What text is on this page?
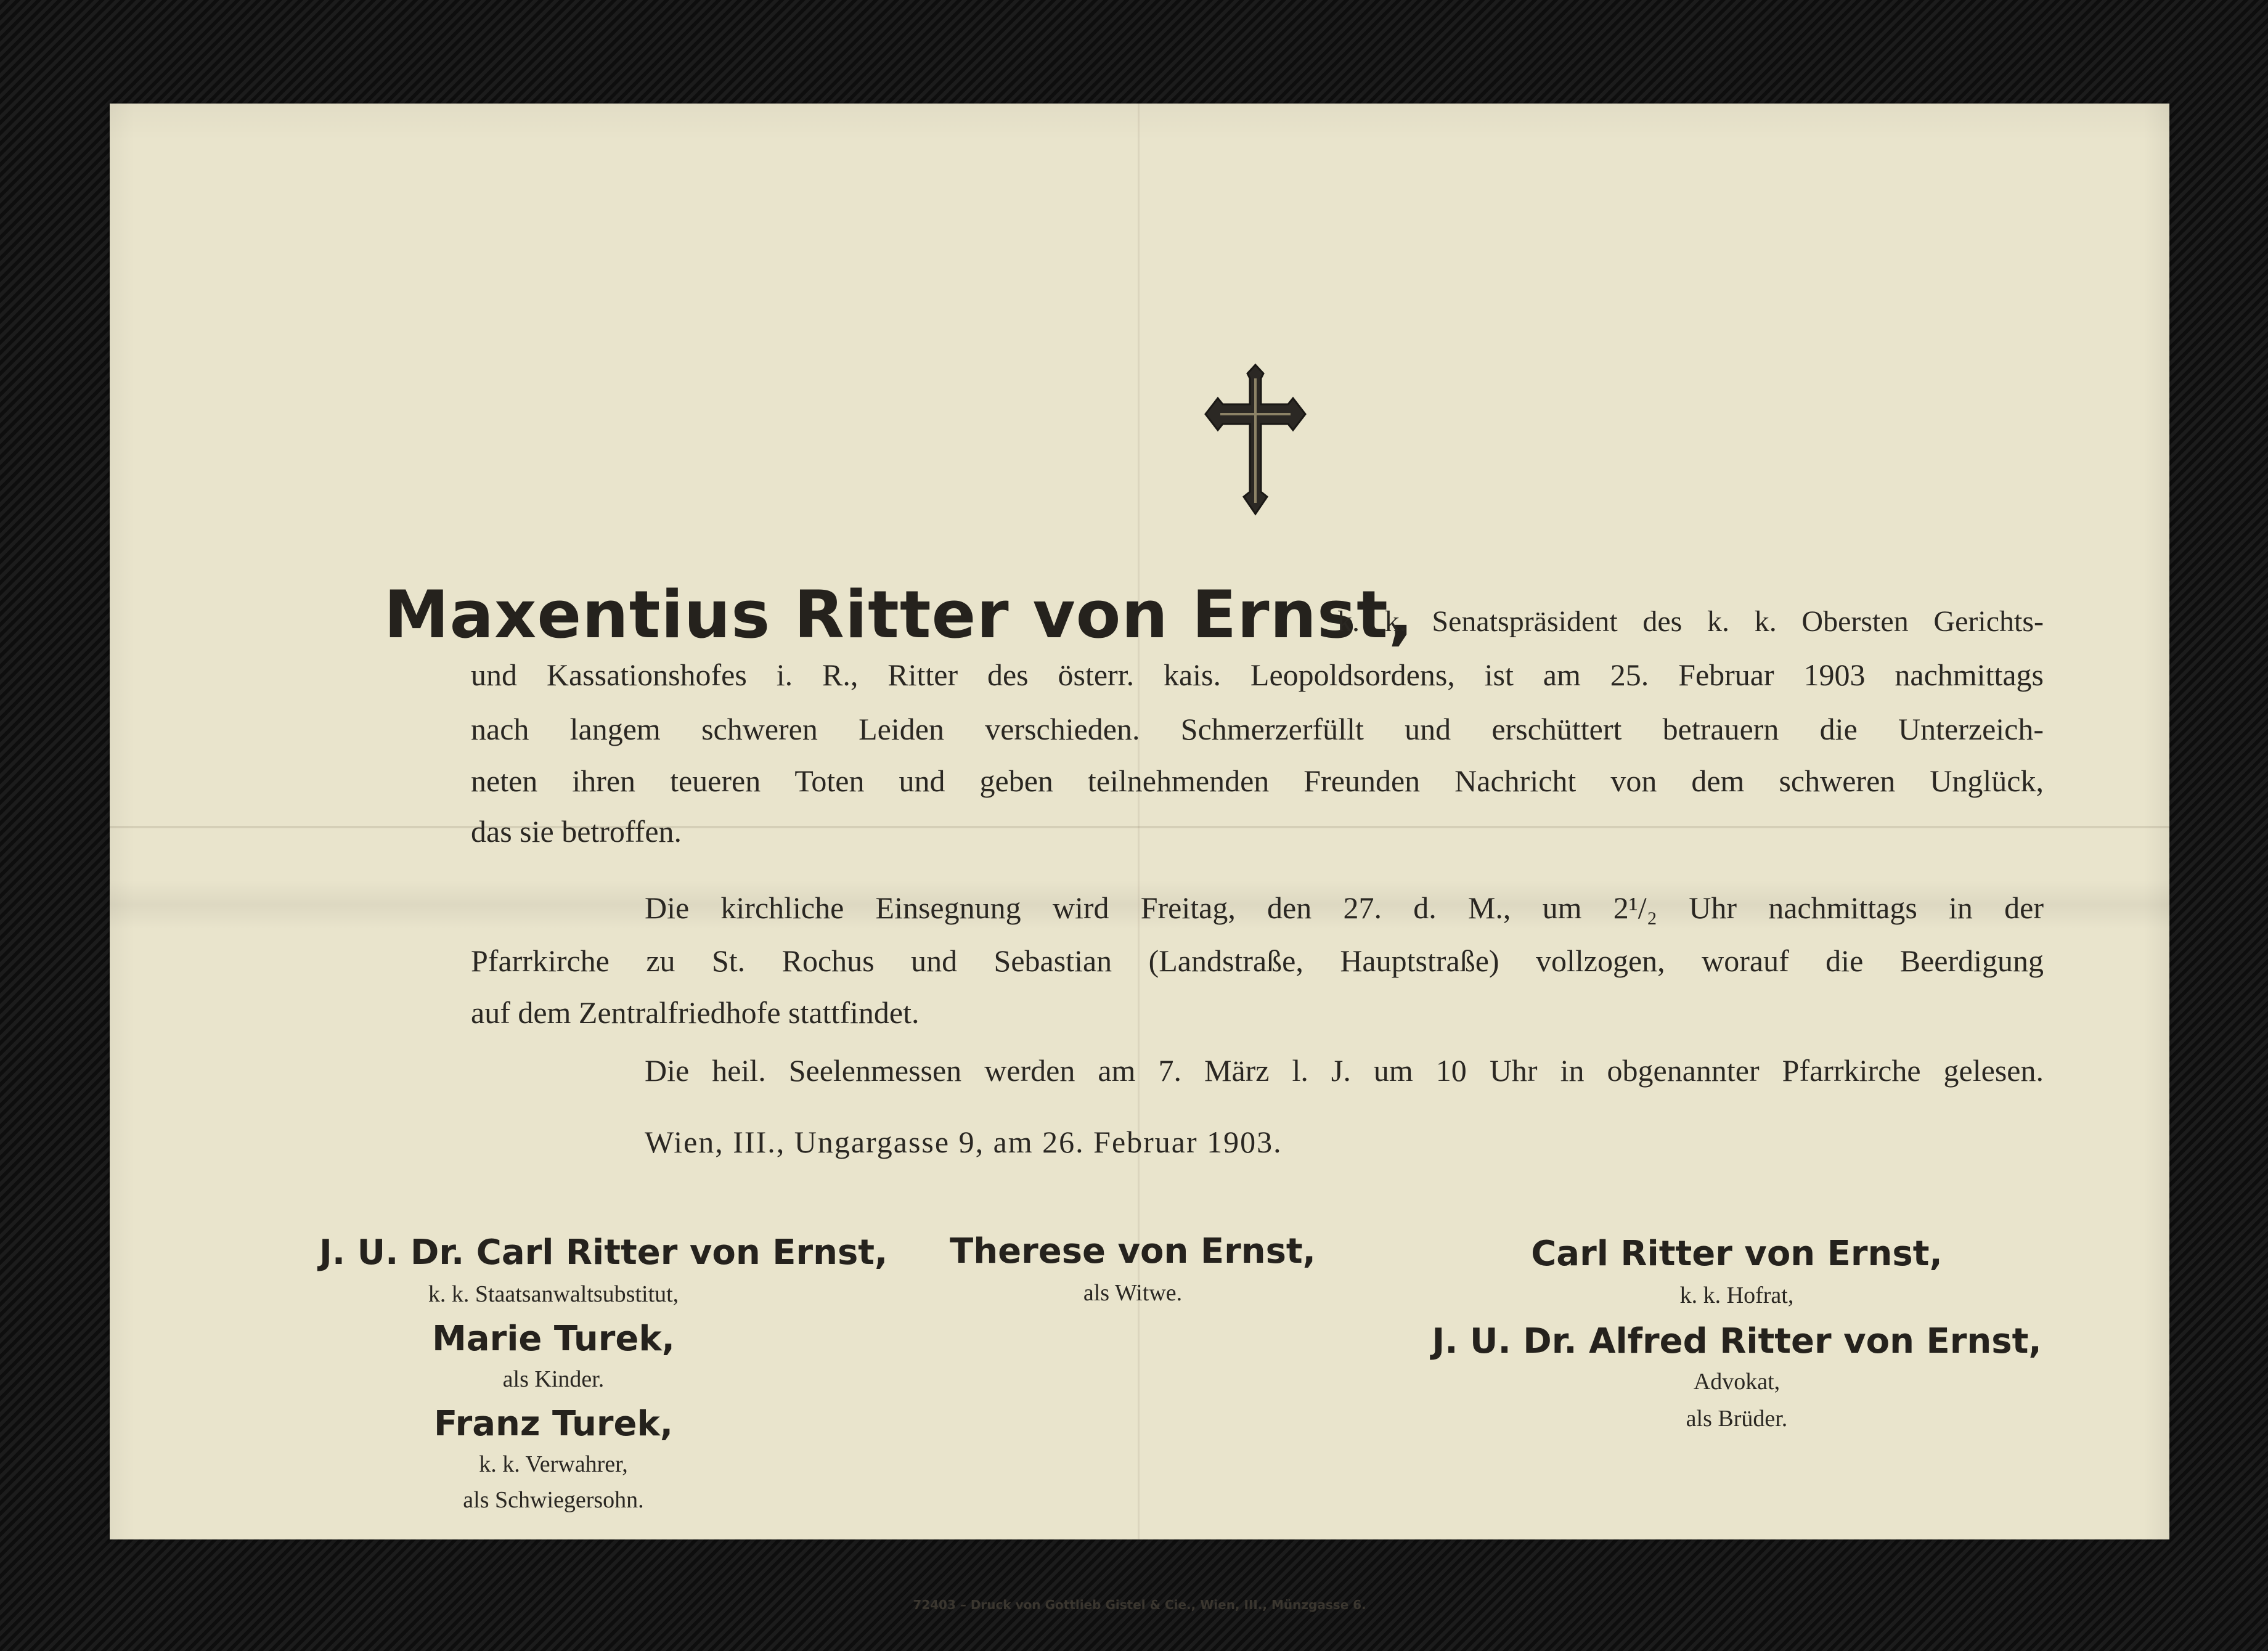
Maxentius Ritter von Ernst,
k. k. Senatspräsident des k. k. Obersten Gerichts-
und Kassationshofes i. R., Ritter des österr. kais. Leopoldsordens, ist am 25. Februar 1903 nachmittags
nach langem schweren Leiden verschieden. Schmerzerfüllt und erschüttert betrauern die Unterzeich-
neten ihren teueren Toten und geben teilnehmenden Freunden Nachricht von dem schweren Unglück,
das sie betroffen.
Die kirchliche Einsegnung wird Freitag, den 27. d. M., um 2¹/₂ Uhr nachmittags in der
Pfarrkirche zu St. Rochus und Sebastian (Landstraße, Hauptstraße) vollzogen, worauf die Beerdigung
auf dem Zentralfriedhofe stattfindet.
Die heil. Seelenmessen werden am 7. März l. J. um 10 Uhr in obgenannter Pfarrkirche gelesen.
Wien, III., Ungargasse 9, am 26. Februar 1903.
J. U. Dr. Carl Ritter von Ernst,
k. k. Staatsanwaltsubstitut,
Marie Turek,
als Kinder.
Franz Turek,
k. k. Verwahrer,
als Schwiegersohn.
Therese von Ernst,
als Witwe.
Carl Ritter von Ernst,
k. k. Hofrat,
J. U. Dr. Alfred Ritter von Ernst,
Advokat,
als Brüder.
72403 – Druck von Gottlieb Gistel & Cie., Wien, III., Münzgasse 6.
